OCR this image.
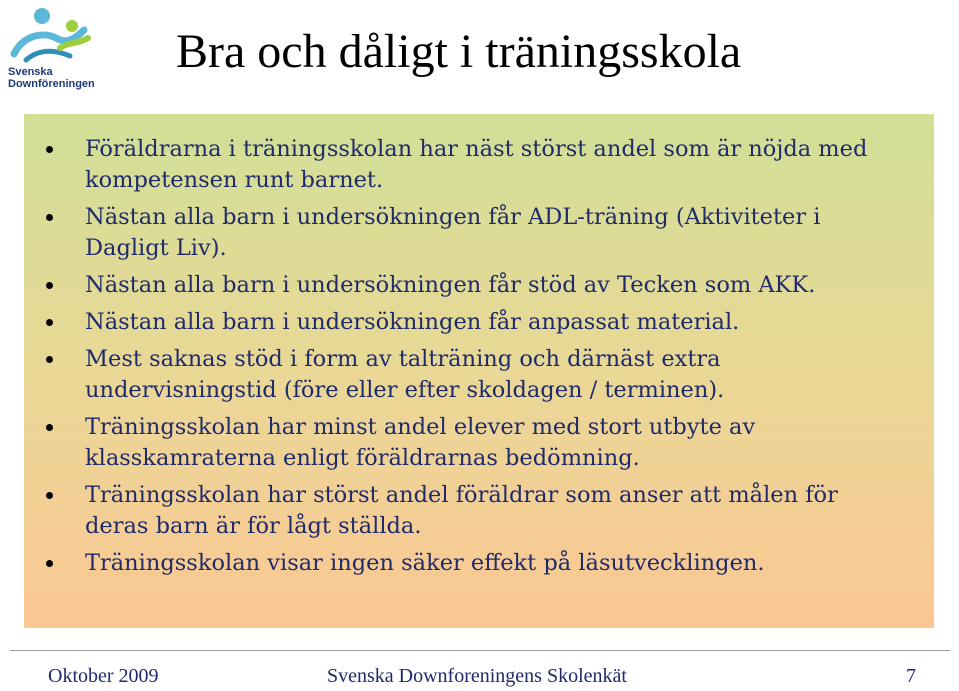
Svenska
Downföreningen
Bra och dåligt i träningsskola
Föräldrarna i träningsskolan har näst störst andel som är nöjda med kompetensen runt barnet.
Nästan alla barn i undersökningen får ADL-träning (Aktiviteter i Dagligt Liv).
Nästan alla barn i undersökningen får stöd av Tecken som AKK.
Nästan alla barn i undersökningen får anpassat material.
Mest saknas stöd i form av talträning och därnäst extra undervisningstid (före eller efter skoldagen / terminen).
Träningsskolan har minst andel elever med stort utbyte av klasskamraterna enligt föräldrarnas bedömning.
Träningsskolan har störst andel föräldrar som anser att målen för deras barn är för lågt ställda.
Träningsskolan visar ingen säker effekt på läsutvecklingen.
Oktober 2009	Svenska Downforeningens Skolenkät	7
